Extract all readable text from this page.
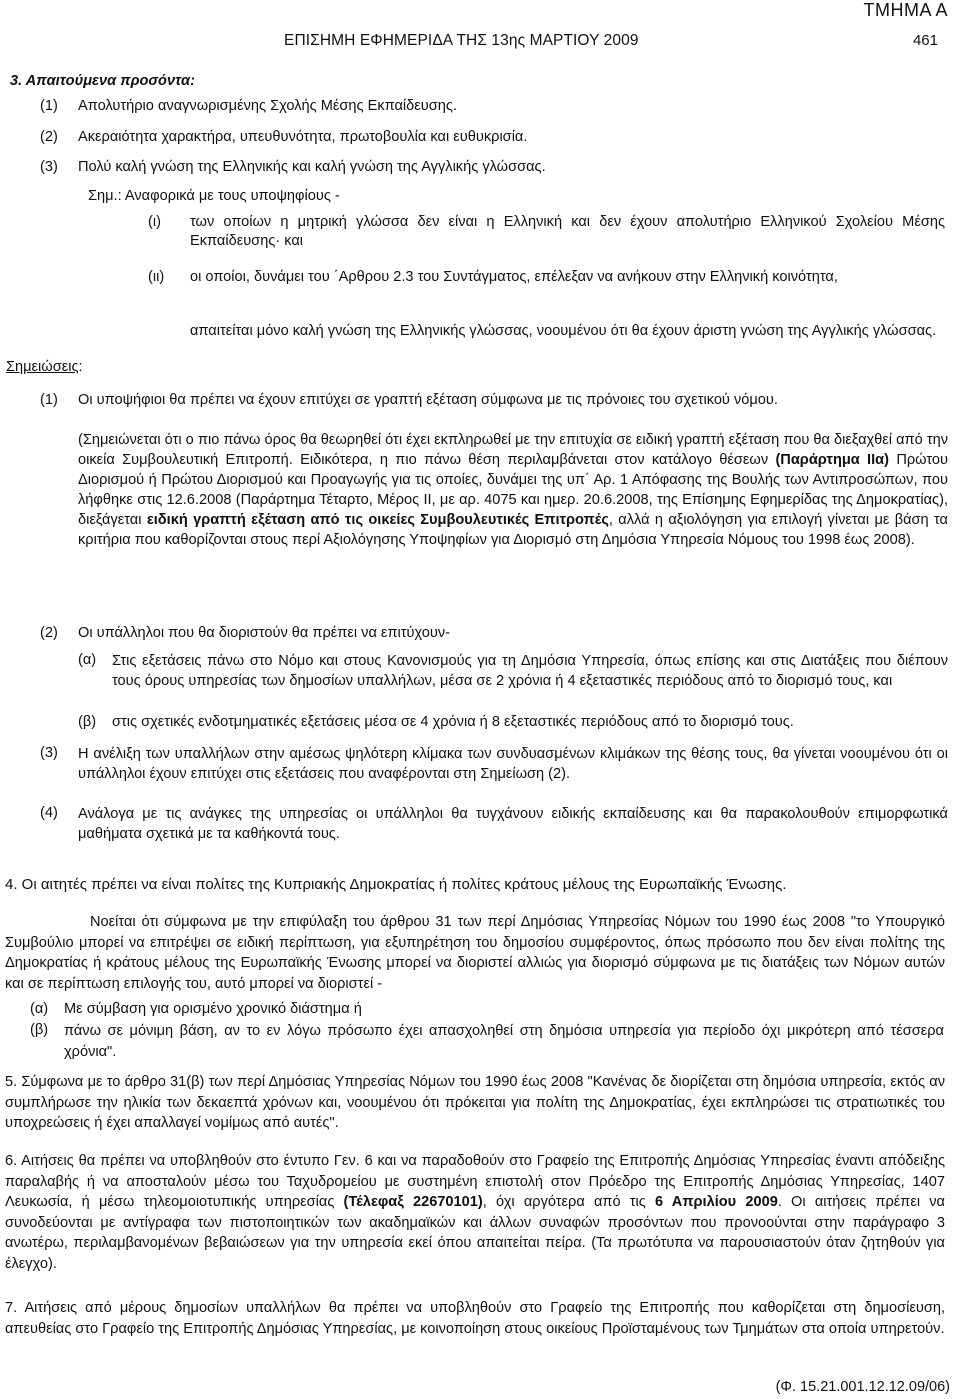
ΤΜΗΜΑ Α
ΕΠΙΣΗΜΗ ΕΦΗΜΕΡΙΔΑ ΤΗΣ 13ης ΜΑΡΤΙΟΥ 2009	461
3. Απαιτούμενα προσόντα:
(1) Απολυτήριο αναγνωρισμένης Σχολής Μέσης Εκπαίδευσης.
(2) Ακεραιότητα χαρακτήρα, υπευθυνότητα, πρωτοβουλία και ευθυκρισία.
(3) Πολύ καλή γνώση της Ελληνικής και καλή γνώση της Αγγλικής γλώσσας.
Σημ.: Αναφορικά με τους υποψηφίους -
(ι) των οποίων η μητρική γλώσσα δεν είναι η Ελληνική και δεν έχουν απολυτήριο Ελληνικού Σχολείου Μέσης Εκπαίδευσης· και

(ιι) οι οποίοι, δυνάμει του ΄Αρθρου 2.3 του Συντάγματος, επέλεξαν να ανήκουν στην Ελληνική κοινότητα,

απαιτείται μόνο καλή γνώση της Ελληνικής γλώσσας, νοουμένου ότι θα έχουν άριστη γνώση της Αγγλικής γλώσσας.

Σημειώσεις:
(1) Οι υποψήφιοι θα πρέπει να έχουν επιτύχει σε γραπτή εξέταση σύμφωνα με τις πρόνοιες του σχετικού νόμου.

(Σημειώνεται ότι ο πιο πάνω όρος θα θεωρηθεί ότι έχει εκπληρωθεί με την επιτυχία σε ειδική γραπτή εξέταση που θα διεξαχθεί από την οικεία Συμβουλευτική Επιτροπή. Ειδικότερα, η πιο πάνω θέση περιλαμβάνεται στον κατάλογο θέσεων (Παράρτημα ΙΙα) Πρώτου Διορισμού ή Πρώτου Διορισμού και Προαγωγής για τις οποίες, δυνάμει της υπ΄ Αρ. 1 Απόφασης της Βουλής των Αντιπροσώπων, που λήφθηκε στις 12.6.2008 (Παράρτημα Τέταρτο, Μέρος ΙΙ, με αρ. 4075 και ημερ. 20.6.2008, της Επίσημης Εφημερίδας της Δημοκρατίας), διεξάγεται ειδική γραπτή εξέταση από τις οικείες Συμβουλευτικές Επιτροπές, αλλά η αξιολόγηση για επιλογή γίνεται με βάση τα κριτήρια που καθορίζονται στους περί Αξιολόγησης Υποψηφίων για Διορισμό στη Δημόσια Υπηρεσία Νόμους του 1998 έως 2008).

(2) Οι υπάλληλοι που θα διοριστούν θα πρέπει να επιτύχουν-
(α) Στις εξετάσεις πάνω στο Νόμο και στους Κανονισμούς για τη Δημόσια Υπηρεσία, όπως επίσης και στις Διατάξεις που διέπουν τους όρους υπηρεσίας των δημοσίων υπαλλήλων, μέσα σε 2 χρόνια ή 4 εξεταστικές περιόδους από το διορισμό τους, και

(β) στις σχετικές ενδοτμηματικές εξετάσεις μέσα σε 4 χρόνια ή 8 εξεταστικές περιόδους από το διορισμό τους.
(3) Η ανέλιξη των υπαλλήλων στην αμέσως ψηλότερη κλίμακα των συνδυασμένων κλιμάκων της θέσης τους, θα γίνεται νοουμένου ότι οι υπάλληλοι έχουν επιτύχει στις εξετάσεις που αναφέρονται στη Σημείωση (2).

(4) Ανάλογα με τις ανάγκες της υπηρεσίας οι υπάλληλοι θα τυγχάνουν ειδικής εκπαίδευσης και θα παρακολουθούν επιμορφωτικά μαθήματα σχετικά με τα καθήκοντά τους.

4. Οι αιτητές πρέπει να είναι πολίτες της Κυπριακής Δημοκρατίας ή πολίτες κράτους μέλους της Ευρωπαϊκής Ένωσης.

Νοείται ότι σύμφωνα με την επιφύλαξη του άρθρου 31 των περί Δημόσιας Υπηρεσίας Νόμων του 1990 έως 2008 "το Υπουργικό Συμβούλιο μπορεί να επιτρέψει σε ειδική περίπτωση, για εξυπηρέτηση του δημοσίου συμφέροντος, όπως πρόσωπο που δεν είναι πολίτης της Δημοκρατίας ή κράτους μέλους της Ευρωπαϊκής Ένωσης μπορεί να διοριστεί αλλιώς για διορισμό σύμφωνα με τις διατάξεις των Νόμων αυτών και σε περίπτωση επιλογής του, αυτό μπορεί να διοριστεί -

(α) Με σύμβαση για ορισμένο χρονικό διάστημα ή
(β) πάνω σε μόνιμη βάση, αν το εν λόγω πρόσωπο έχει απασχοληθεί στη δημόσια υπηρεσία για περίοδο όχι μικρότερη από τέσσερα χρόνια".

5. Σύμφωνα με το άρθρο 31(β) των περί Δημόσιας Υπηρεσίας Νόμων του 1990 έως 2008 "Κανένας δε διορίζεται στη δημόσια υπηρεσία, εκτός αν συμπλήρωσε την ηλικία των δεκαεπτά χρόνων και, νοουμένου ότι πρόκειται για πολίτη της Δημοκρατίας, έχει εκπληρώσει τις στρατιωτικές του υποχρεώσεις ή έχει απαλλαγεί νομίμως από αυτές".

6. Αιτήσεις θα πρέπει να υποβληθούν στο έντυπο Γεν. 6 και να παραδοθούν στο Γραφείο της Επιτροπής Δημόσιας Υπηρεσίας έναντι απόδειξης παραλαβής ή να αποσταλούν μέσω του Ταχυδρομείου με συστημένη επιστολή στον Πρόεδρο της Επιτροπής Δημόσιας Υπηρεσίας, 1407 Λευκωσία, ή μέσω τηλεομοιοτυπικής υπηρεσίας (Τέλεφαξ 22670101), όχι αργότερα από τις 6 Απριλίου 2009. Οι αιτήσεις πρέπει να συνοδεύονται με αντίγραφα των πιστοποιητικών των ακαδημαϊκών και άλλων συναφών προσόντων που προνοούνται στην παράγραφο 3 ανωτέρω, περιλαμβανομένων βεβαιώσεων για την υπηρεσία εκεί όπου απαιτείται πείρα. (Τα πρωτότυπα να παρουσιαστούν όταν ζητηθούν για έλεγχο).

7. Αιτήσεις από μέρους δημοσίων υπαλλήλων θα πρέπει να υποβληθούν στο Γραφείο της Επιτροπής που καθορίζεται στη δημοσίευση, απευθείας στο Γραφείο της Επιτροπής Δημόσιας Υπηρεσίας, με κοινοποίηση στους οικείους Προϊσταμένους των Τμημάτων στα οποία υπηρετούν.

(Φ. 15.21.001.12.12.09/06)
